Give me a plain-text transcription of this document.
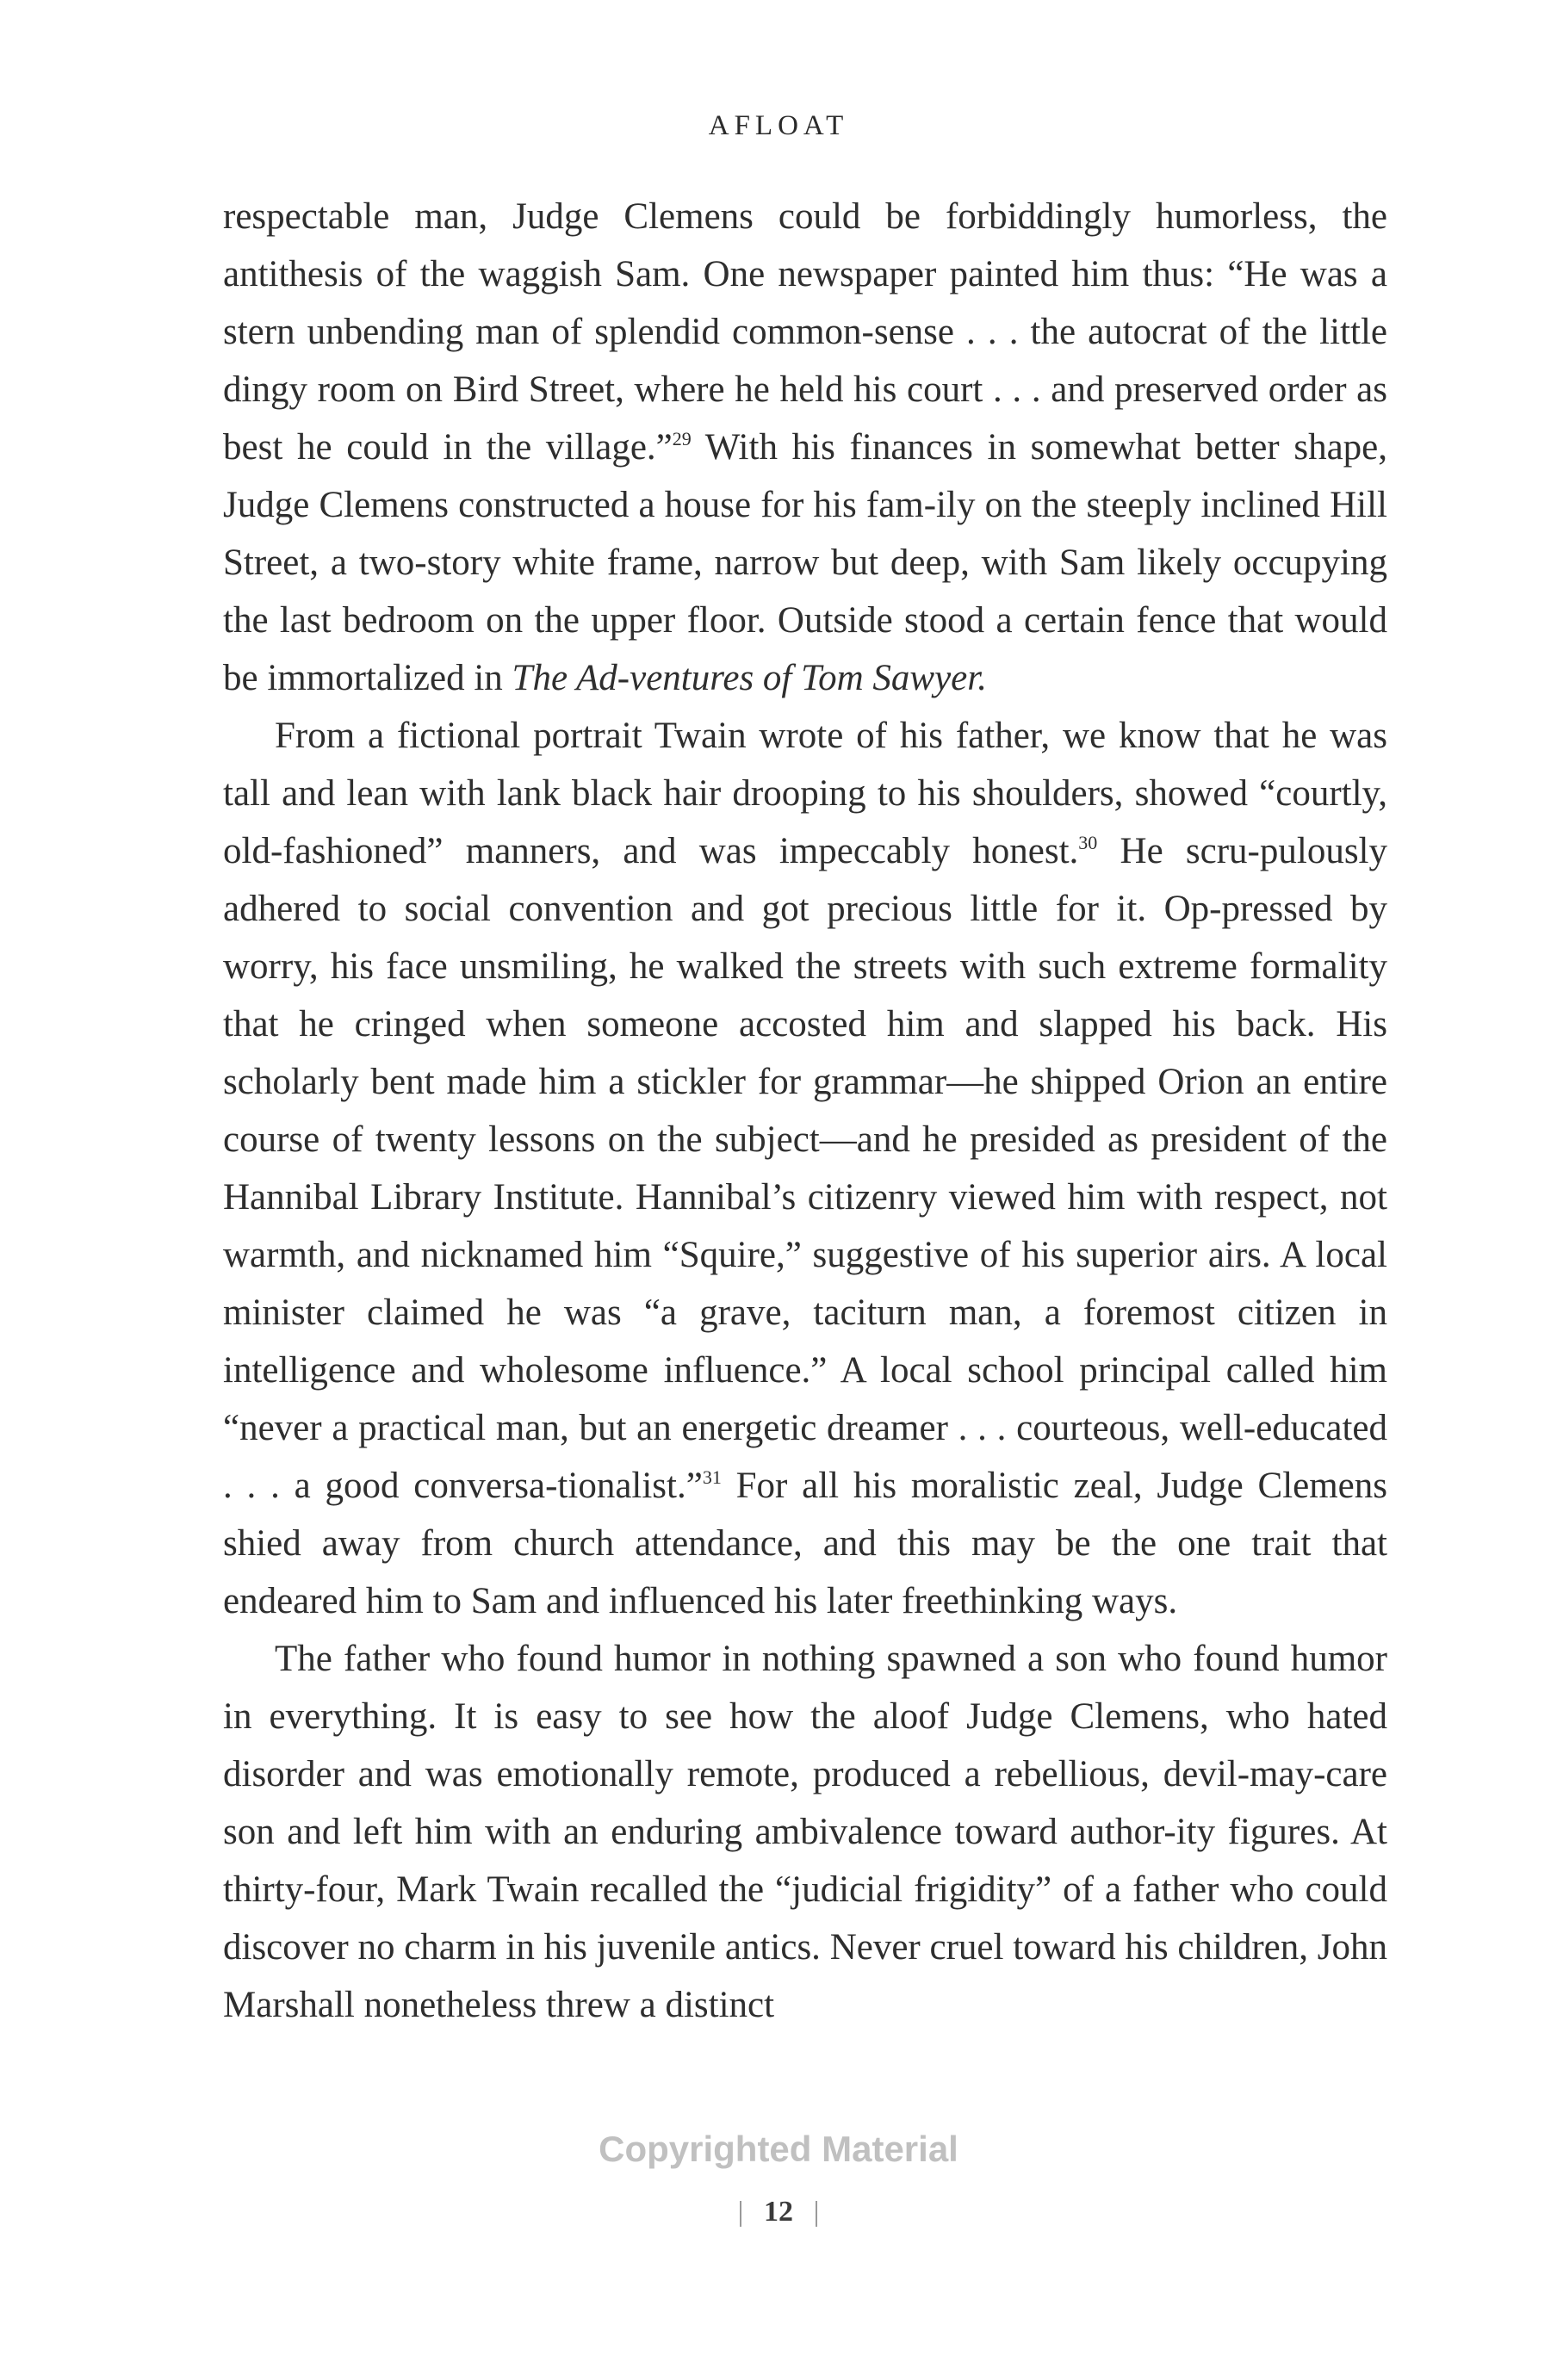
AFLOAT

respectable man, Judge Clemens could be forbiddingly humorless, the antithesis of the waggish Sam. One newspaper painted him thus: “He was a stern unbending man of splendid common-sense . . . the autocrat of the little dingy room on Bird Street, where he held his court . . . and preserved order as best he could in the village.”$^{29}$ With his finances in somewhat better shape, Judge Clemens constructed a house for his fam-ily on the steeply inclined Hill Street, a two-story white frame, narrow but deep, with Sam likely occupying the last bedroom on the upper floor. Outside stood a certain fence that would be immortalized in The Ad-ventures of Tom Sawyer.

From a fictional portrait Twain wrote of his father, we know that he was tall and lean with lank black hair drooping to his shoulders, showed “courtly, old-fashioned” manners, and was impeccably honest.$^{30}$ He scru-pulously adhered to social convention and got precious little for it. Op-pressed by worry, his face unsmiling, he walked the streets with such extreme formality that he cringed when someone accosted him and slapped his back. His scholarly bent made him a stickler for grammar—he shipped Orion an entire course of twenty lessons on the subject—and he presided as president of the Hannibal Library Institute. Hannibal’s citizenry viewed him with respect, not warmth, and nicknamed him “Squire,” suggestive of his superior airs. A local minister claimed he was “a grave, taciturn man, a foremost citizen in intelligence and wholesome influence.” A local school principal called him “never a practical man, but an energetic dreamer . . . courteous, well-educated . . . a good conversa-tionalist.”$^{31}$ For all his moralistic zeal, Judge Clemens shied away from church attendance, and this may be the one trait that endeared him to Sam and influenced his later freethinking ways.

The father who found humor in nothing spawned a son who found humor in everything. It is easy to see how the aloof Judge Clemens, who hated disorder and was emotionally remote, produced a rebellious, devil-may-care son and left him with an enduring ambivalence toward author-ity figures. At thirty-four, Mark Twain recalled the “judicial frigidity” of a father who could discover no charm in his juvenile antics. Never cruel toward his children, John Marshall nonetheless threw a distinct

Copyrighted Material
12
